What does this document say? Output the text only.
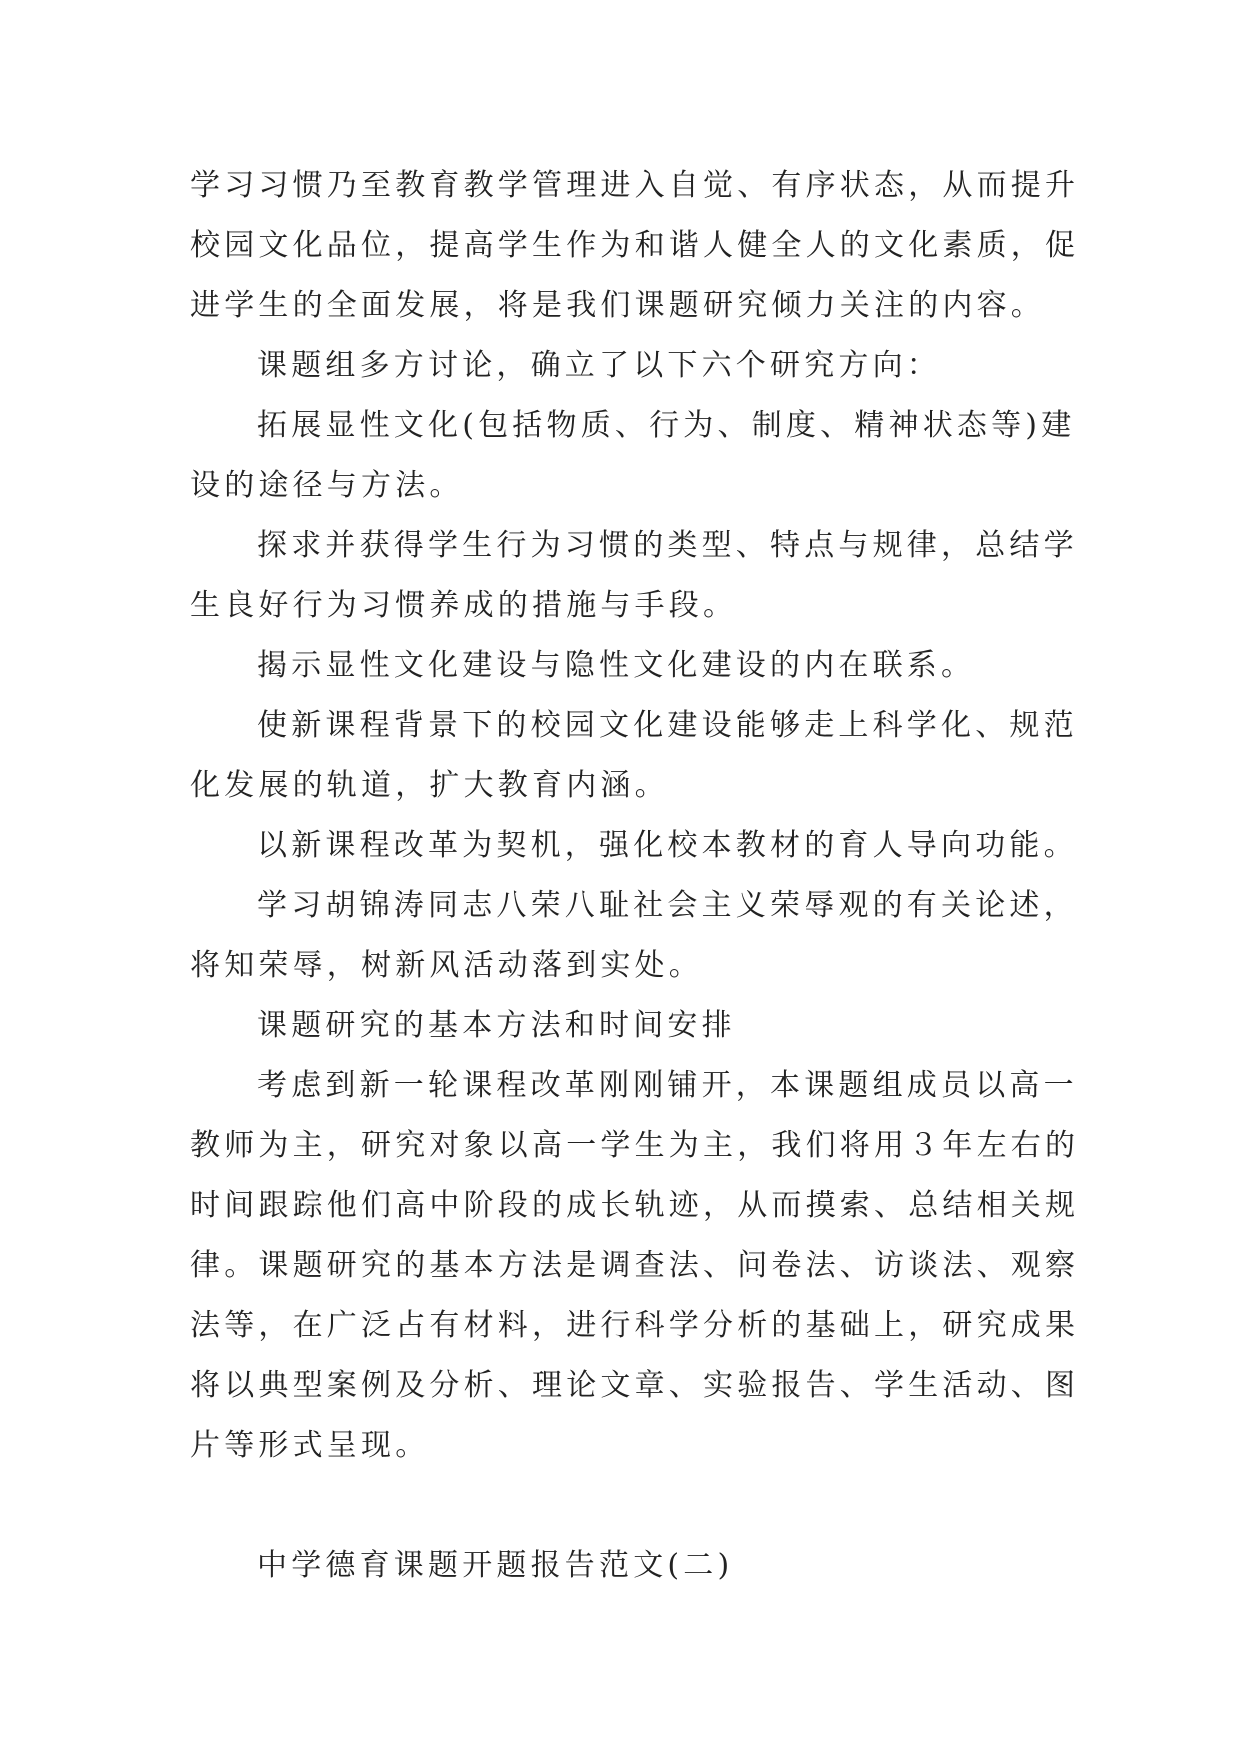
学习习惯乃至教育教学管理进入自觉、有序状态，从而提升
校园文化品位，提高学生作为和谐人健全人的文化素质，促
进学生的全面发展，将是我们课题研究倾力关注的内容。
课题组多方讨论，确立了以下六个研究方向：
拓展显性文化(包括物质、行为、制度、精神状态等)建
设的途径与方法。
探求并获得学生行为习惯的类型、特点与规律，总结学
生良好行为习惯养成的措施与手段。
揭示显性文化建设与隐性文化建设的内在联系。
使新课程背景下的校园文化建设能够走上科学化、规范
化发展的轨道，扩大教育内涵。
以新课程改革为契机，强化校本教材的育人导向功能。
学习胡锦涛同志八荣八耻社会主义荣辱观的有关论述，
将知荣辱，树新风活动落到实处。
课题研究的基本方法和时间安排
考虑到新一轮课程改革刚刚铺开，本课题组成员以高一
教师为主，研究对象以高一学生为主，我们将用３年左右的
时间跟踪他们高中阶段的成长轨迹，从而摸索、总结相关规
律。课题研究的基本方法是调查法、问卷法、访谈法、观察
法等，在广泛占有材料，进行科学分析的基础上，研究成果
将以典型案例及分析、理论文章、实验报告、学生活动、图
片等形式呈现。
中学德育课题开题报告范文(二)
